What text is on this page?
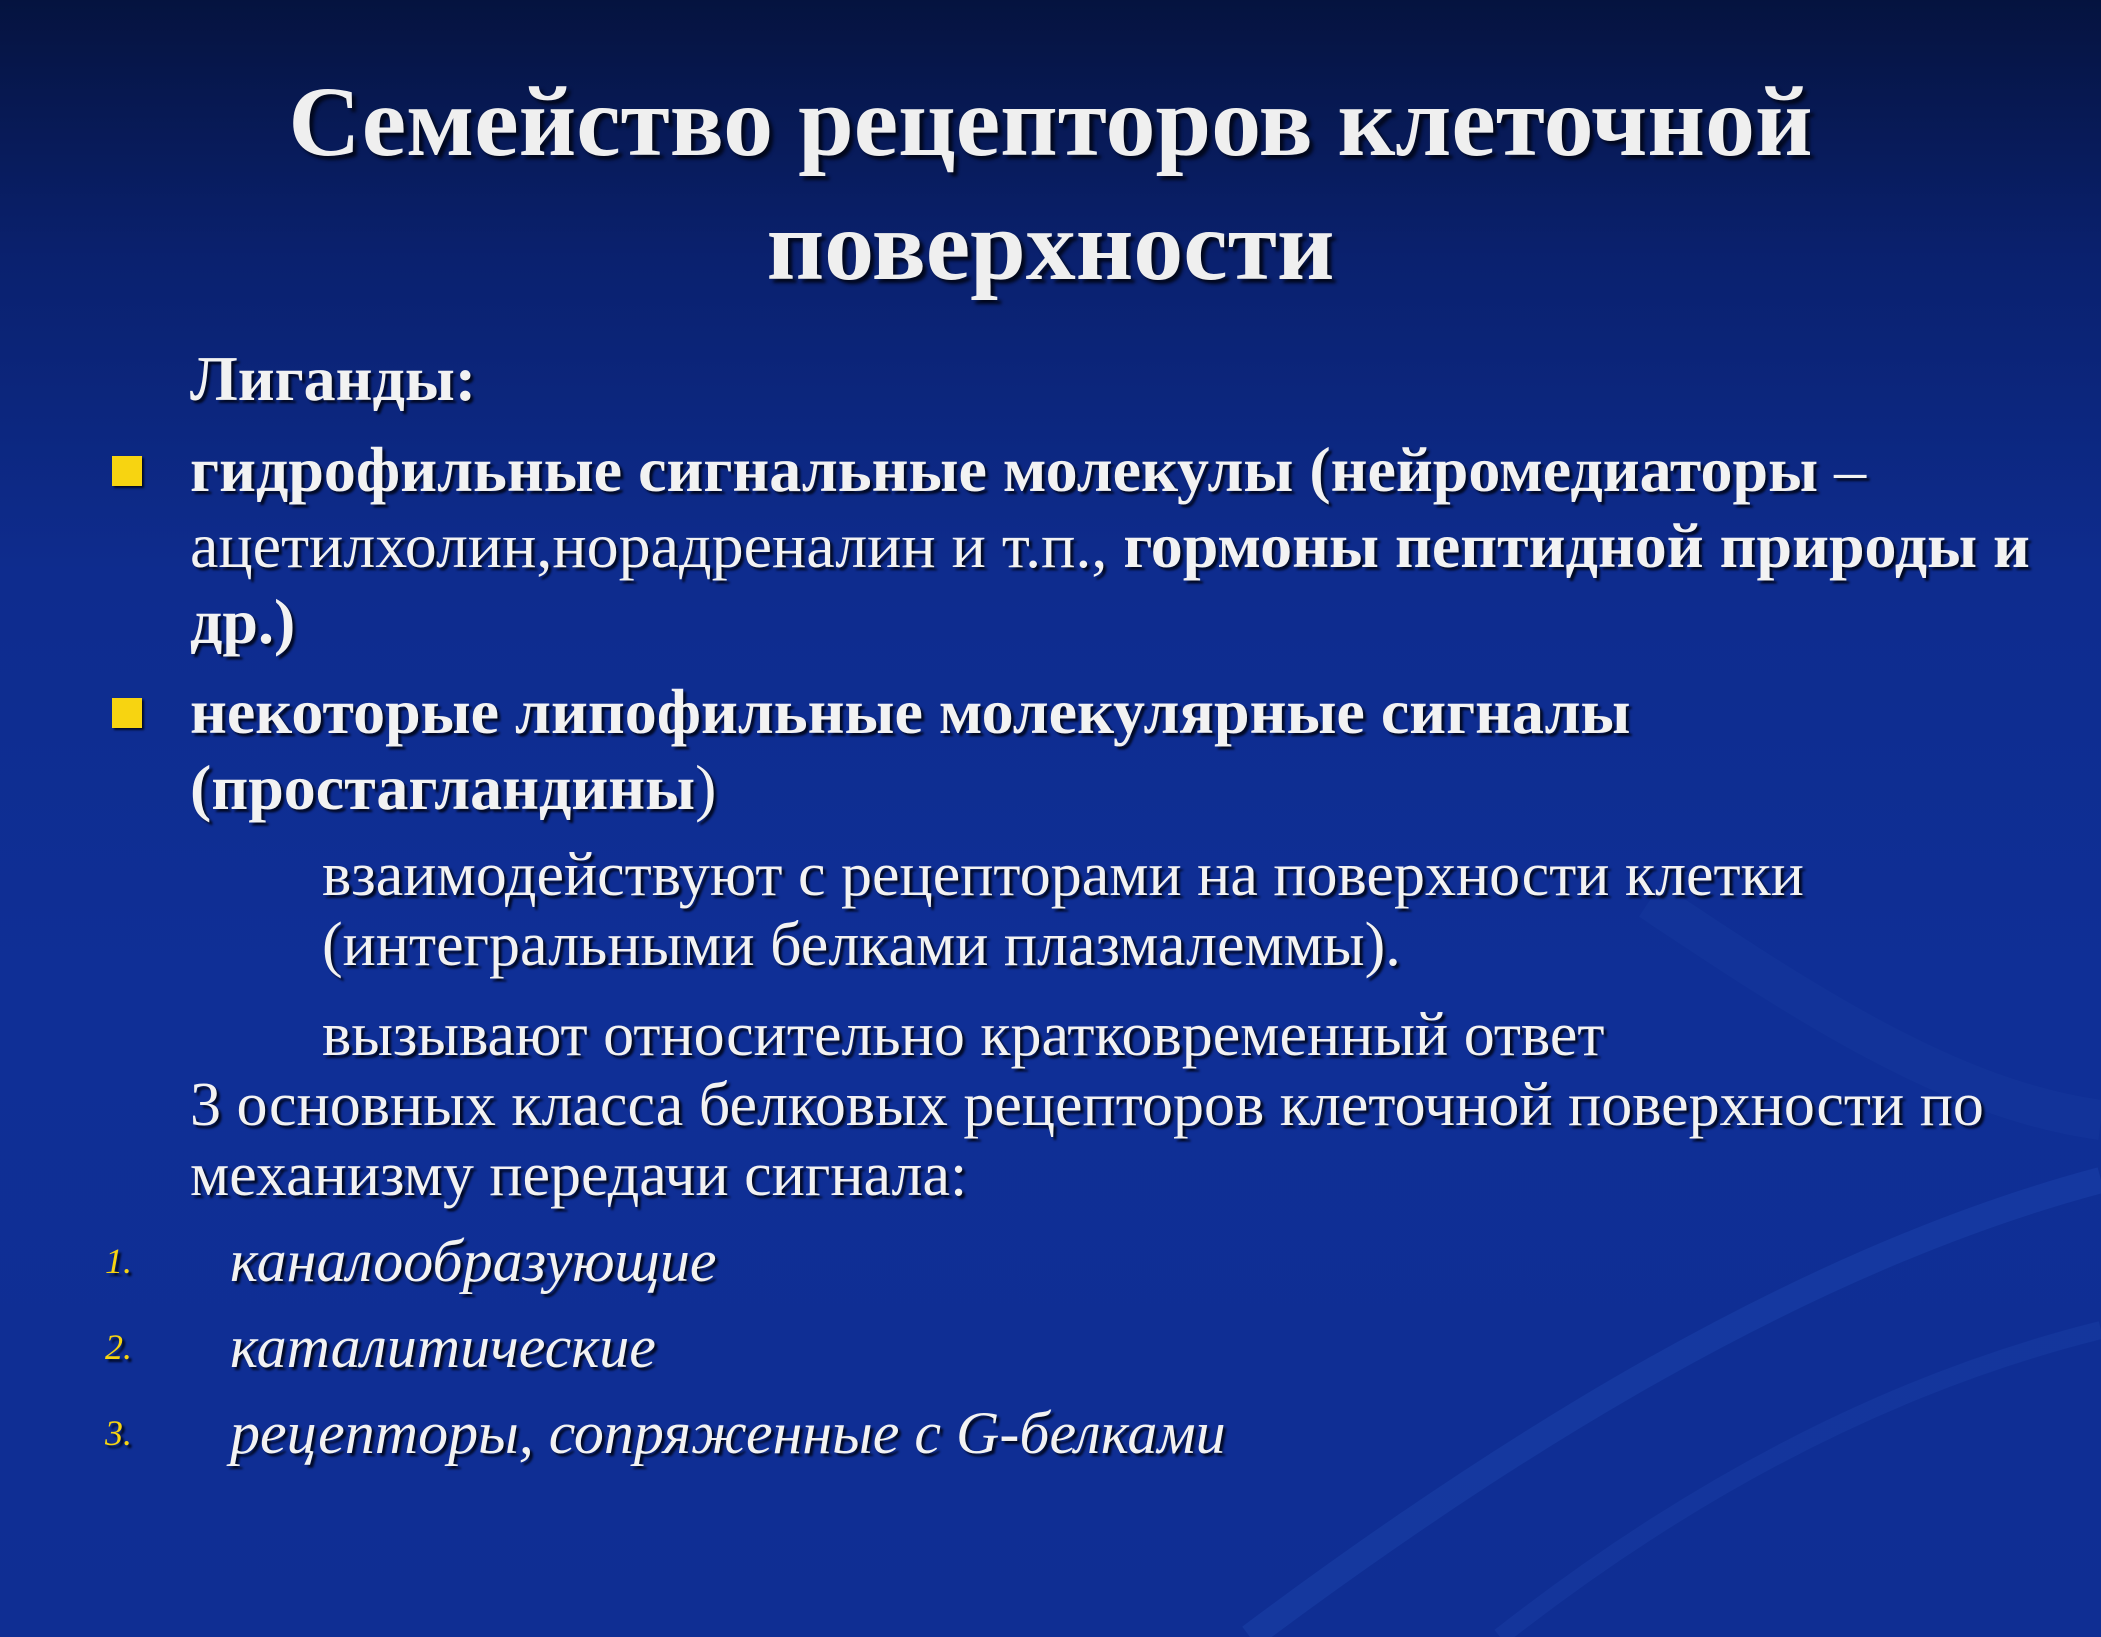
Семейство рецепторов клеточной
поверхности
Лиганды:
гидрофильные сигнальные молекулы (нейромедиаторы – ацетилхолин,норадреналин и т.п., гормоны пептидной природы и др.)
некоторые липофильные молекулярные сигналы (простагландины)
взаимодействуют с рецепторами на поверхности клетки (интегральными белками плазмалеммы).
вызывают относительно кратковременный ответ
3 основных класса белковых рецепторов клеточной поверхности по механизму передачи сигнала:
1. каналообразующие
2. каталитические
3. рецепторы, сопряженные с G-белками
